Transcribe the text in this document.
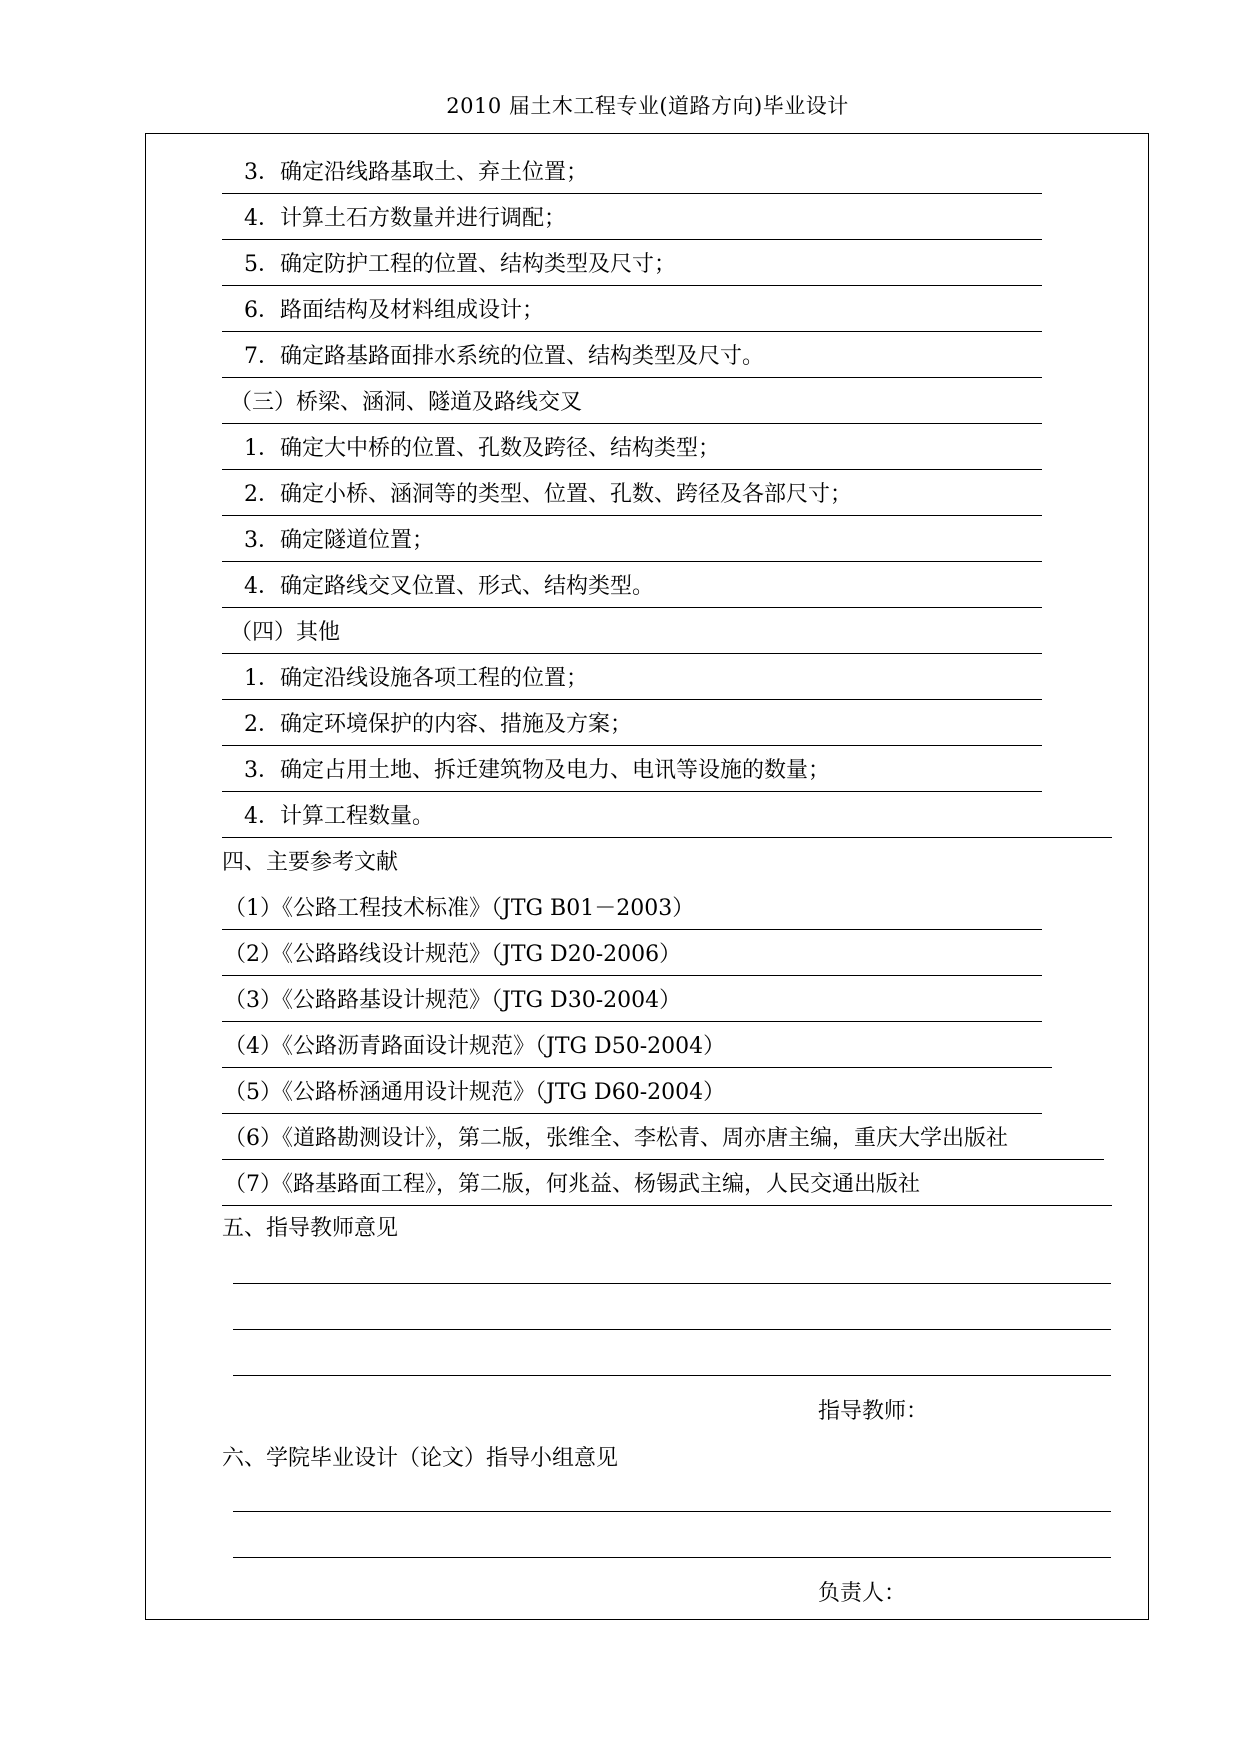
2010 届土木工程专业(道路方向)毕业设计
3．确定沿线路基取土、弃土位置；
4．计算土石方数量并进行调配；
5．确定防护工程的位置、结构类型及尺寸；
6．路面结构及材料组成设计；
7．确定路基路面排水系统的位置、结构类型及尺寸。
（三）桥梁、涵洞、隧道及路线交叉
1．确定大中桥的位置、孔数及跨径、结构类型；
2．确定小桥、涵洞等的类型、位置、孔数、跨径及各部尺寸；
3．确定隧道位置；
4．确定路线交叉位置、形式、结构类型。
（四）其他
1．确定沿线设施各项工程的位置；
2．确定环境保护的内容、措施及方案；
3．确定占用土地、拆迁建筑物及电力、电讯等设施的数量；
4．计算工程数量。
四、主要参考文献
（1）《公路工程技术标准》（JTG B01－2003）
（2）《公路路线设计规范》（JTG D20-2006）
（3）《公路路基设计规范》（JTG D30-2004）
（4）《公路沥青路面设计规范》（JTG D50-2004）
（5）《公路桥涵通用设计规范》（JTG D60-2004）
（6）《道路勘测设计》，第二版，张维全、李松青、周亦唐主编，重庆大学出版社
（7）《路基路面工程》，第二版，何兆益、杨锡武主编，人民交通出版社
五、指导教师意见
指导教师：
六、学院毕业设计（论文）指导小组意见
负责人：
